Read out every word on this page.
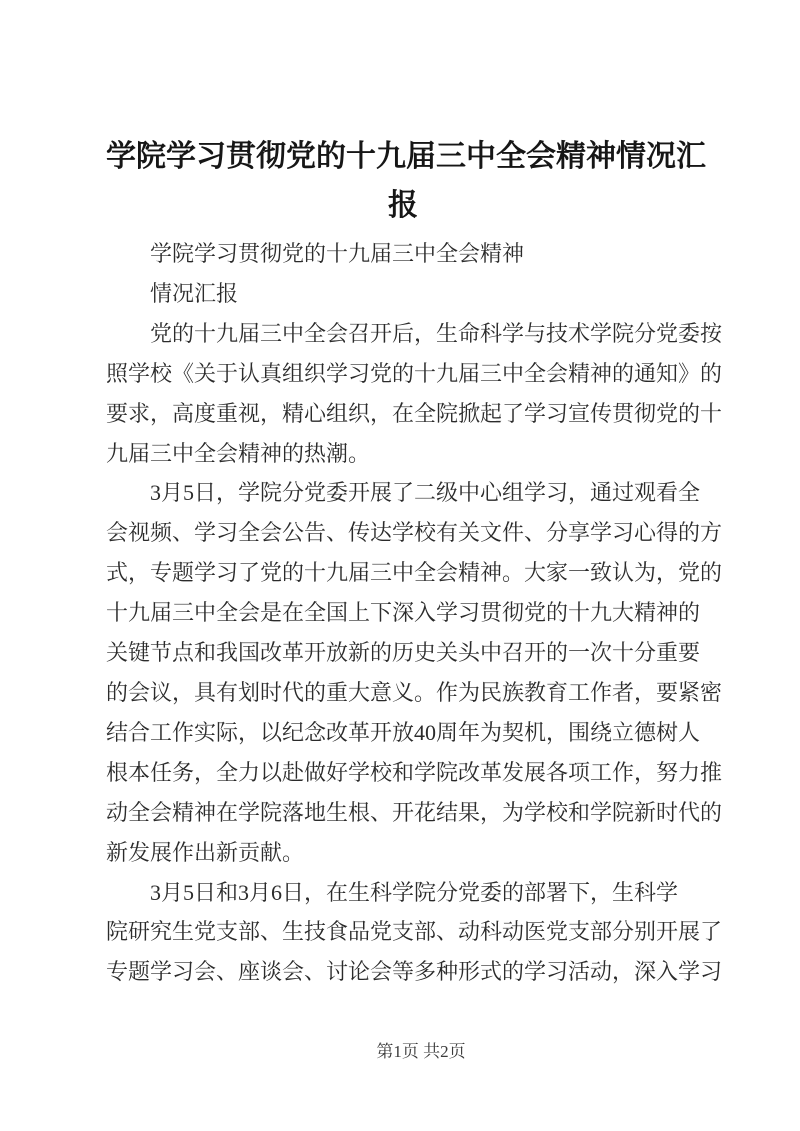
学院学习贯彻党的十九届三中全会精神情况汇
报
学院学习贯彻党的十九届三中全会精神
情况汇报
党的十九届三中全会召开后，生命科学与技术学院分党委按
照学校《关于认真组织学习党的十九届三中全会精神的通知》的
要求，高度重视，精心组织，在全院掀起了学习宣传贯彻党的十
九届三中全会精神的热潮。
3月5日，学院分党委开展了二级中心组学习，通过观看全
会视频、学习全会公告、传达学校有关文件、分享学习心得的方
式，专题学习了党的十九届三中全会精神。大家一致认为，党的
十九届三中全会是在全国上下深入学习贯彻党的十九大精神的
关键节点和我国改革开放新的历史关头中召开的一次十分重要
的会议，具有划时代的重大意义。作为民族教育工作者，要紧密
结合工作实际，以纪念改革开放40周年为契机，围绕立德树人
根本任务，全力以赴做好学校和学院改革发展各项工作，努力推
动全会精神在学院落地生根、开花结果，为学校和学院新时代的
新发展作出新贡献。
3月5日和3月6日，在生科学院分党委的部署下，生科学
院研究生党支部、生技食品党支部、动科动医党支部分别开展了
专题学习会、座谈会、讨论会等多种形式的学习活动，深入学习
第1页 共2页
